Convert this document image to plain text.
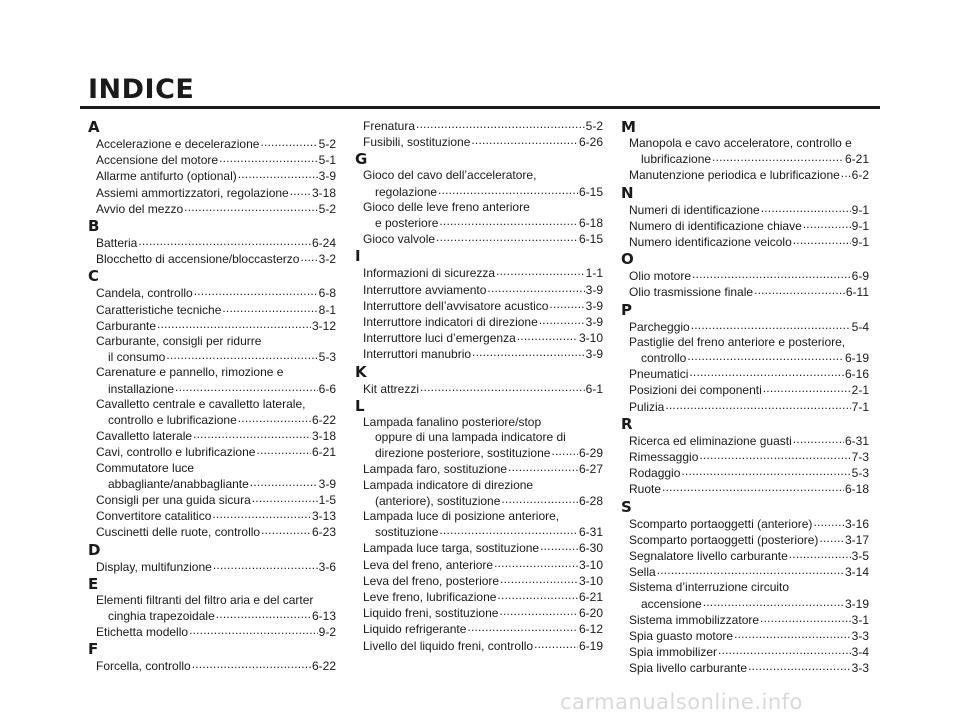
INDICE
A
Accelerazione e decelerazione .....	5-2
Accensione del motore .....	5-1
Allarme antifurto (optional) .....	3-9
Assiemi ammortizzatori, regolazione ..... 3-18
Avvio del mezzo .....	5-2
B
Batteria .....	6-24
Blocchetto di accensione/bloccasterzo ..... 3-2
C
Candela, controllo .....	6-8
Caratteristiche tecniche .....	8-1
Carburante .....	3-12
Carburante, consigli per ridurre
il consumo .....	5-3
Carenature e pannello, rimozione e
installazione .....	6-6
Cavalletto centrale e cavalletto laterale,
controllo e lubrificazione .....	6-22
Cavalletto laterale .....	3-18
Cavi, controllo e lubrificazione .....	6-21
Commutatore luce
abbagliante/anabbagliante .....	3-9
Consigli per una guida sicura .....	1-5
Convertitore catalitico .....	3-13
Cuscinetti delle ruote, controllo .....	6-23
D
Display, multifunzione .....	3-6
E
Elementi filtranti del filtro aria e del carter
cinghia trapezoidale .....	6-13
Etichetta modello .....	9-2
F
Forcella, controllo .....	6-22
Frenatura .....	5-2
Fusibili, sostituzione .....	6-26
G
Gioco del cavo dell’acceleratore,
regolazione .....	6-15
Gioco delle leve freno anteriore
e posteriore .....	6-18
Gioco valvole .....	6-15
I
Informazioni di sicurezza .....	1-1
Interruttore avviamento .....	3-9
Interruttore dell’avvisatore acustico .....	3-9
Interruttore indicatori di direzione .....	3-9
Interruttore luci d’emergenza .....	3-10
Interruttori manubrio .....	3-9
K
Kit attrezzi .....	6-1
L
Lampada fanalino posteriore/stop
oppure di una lampada indicatore di
direzione posteriore, sostituzione ..... 6-29
Lampada faro, sostituzione .....	6-27
Lampada indicatore di direzione
(anteriore), sostituzione .....	6-28
Lampada luce di posizione anteriore,
sostituzione .....	6-31
Lampada luce targa, sostituzione .....	6-30
Leva del freno, anteriore .....	3-10
Leva del freno, posteriore .....	3-10
Leve freno, lubrificazione .....	6-21
Liquido freni, sostituzione .....	6-20
Liquido refrigerante .....	6-12
Livello del liquido freni, controllo .....	6-19
M
Manopola e cavo acceleratore, controllo e
lubrificazione .....	6-21
Manutenzione periodica e lubrificazione ..... 6-2
N
Numeri di identificazione .....	9-1
Numero di identificazione chiave .....	9-1
Numero identificazione veicolo .....	9-1
O
Olio motore .....	6-9
Olio trasmissione finale .....	6-11
P
Parcheggio .....	5-4
Pastiglie del freno anteriore e posteriore,
controllo .....	6-19
Pneumatici .....	6-16
Posizioni dei componenti .....	2-1
Pulizia .....	7-1
R
Ricerca ed eliminazione guasti .....	6-31
Rimessaggio .....	7-3
Rodaggio .....	5-3
Ruote .....	6-18
S
Scomparto portaoggetti (anteriore) .....	3-16
Scomparto portaoggetti (posteriore) ..... 3-17
Segnalatore livello carburante .....	3-5
Sella .....	3-14
Sistema d’interruzione circuito
accensione .....	3-19
Sistema immobilizzatore .....	3-1
Spia guasto motore .....	3-3
Spia immobilizer .....	3-4
Spia livello carburante .....	3-3
carmanualsonline.info
